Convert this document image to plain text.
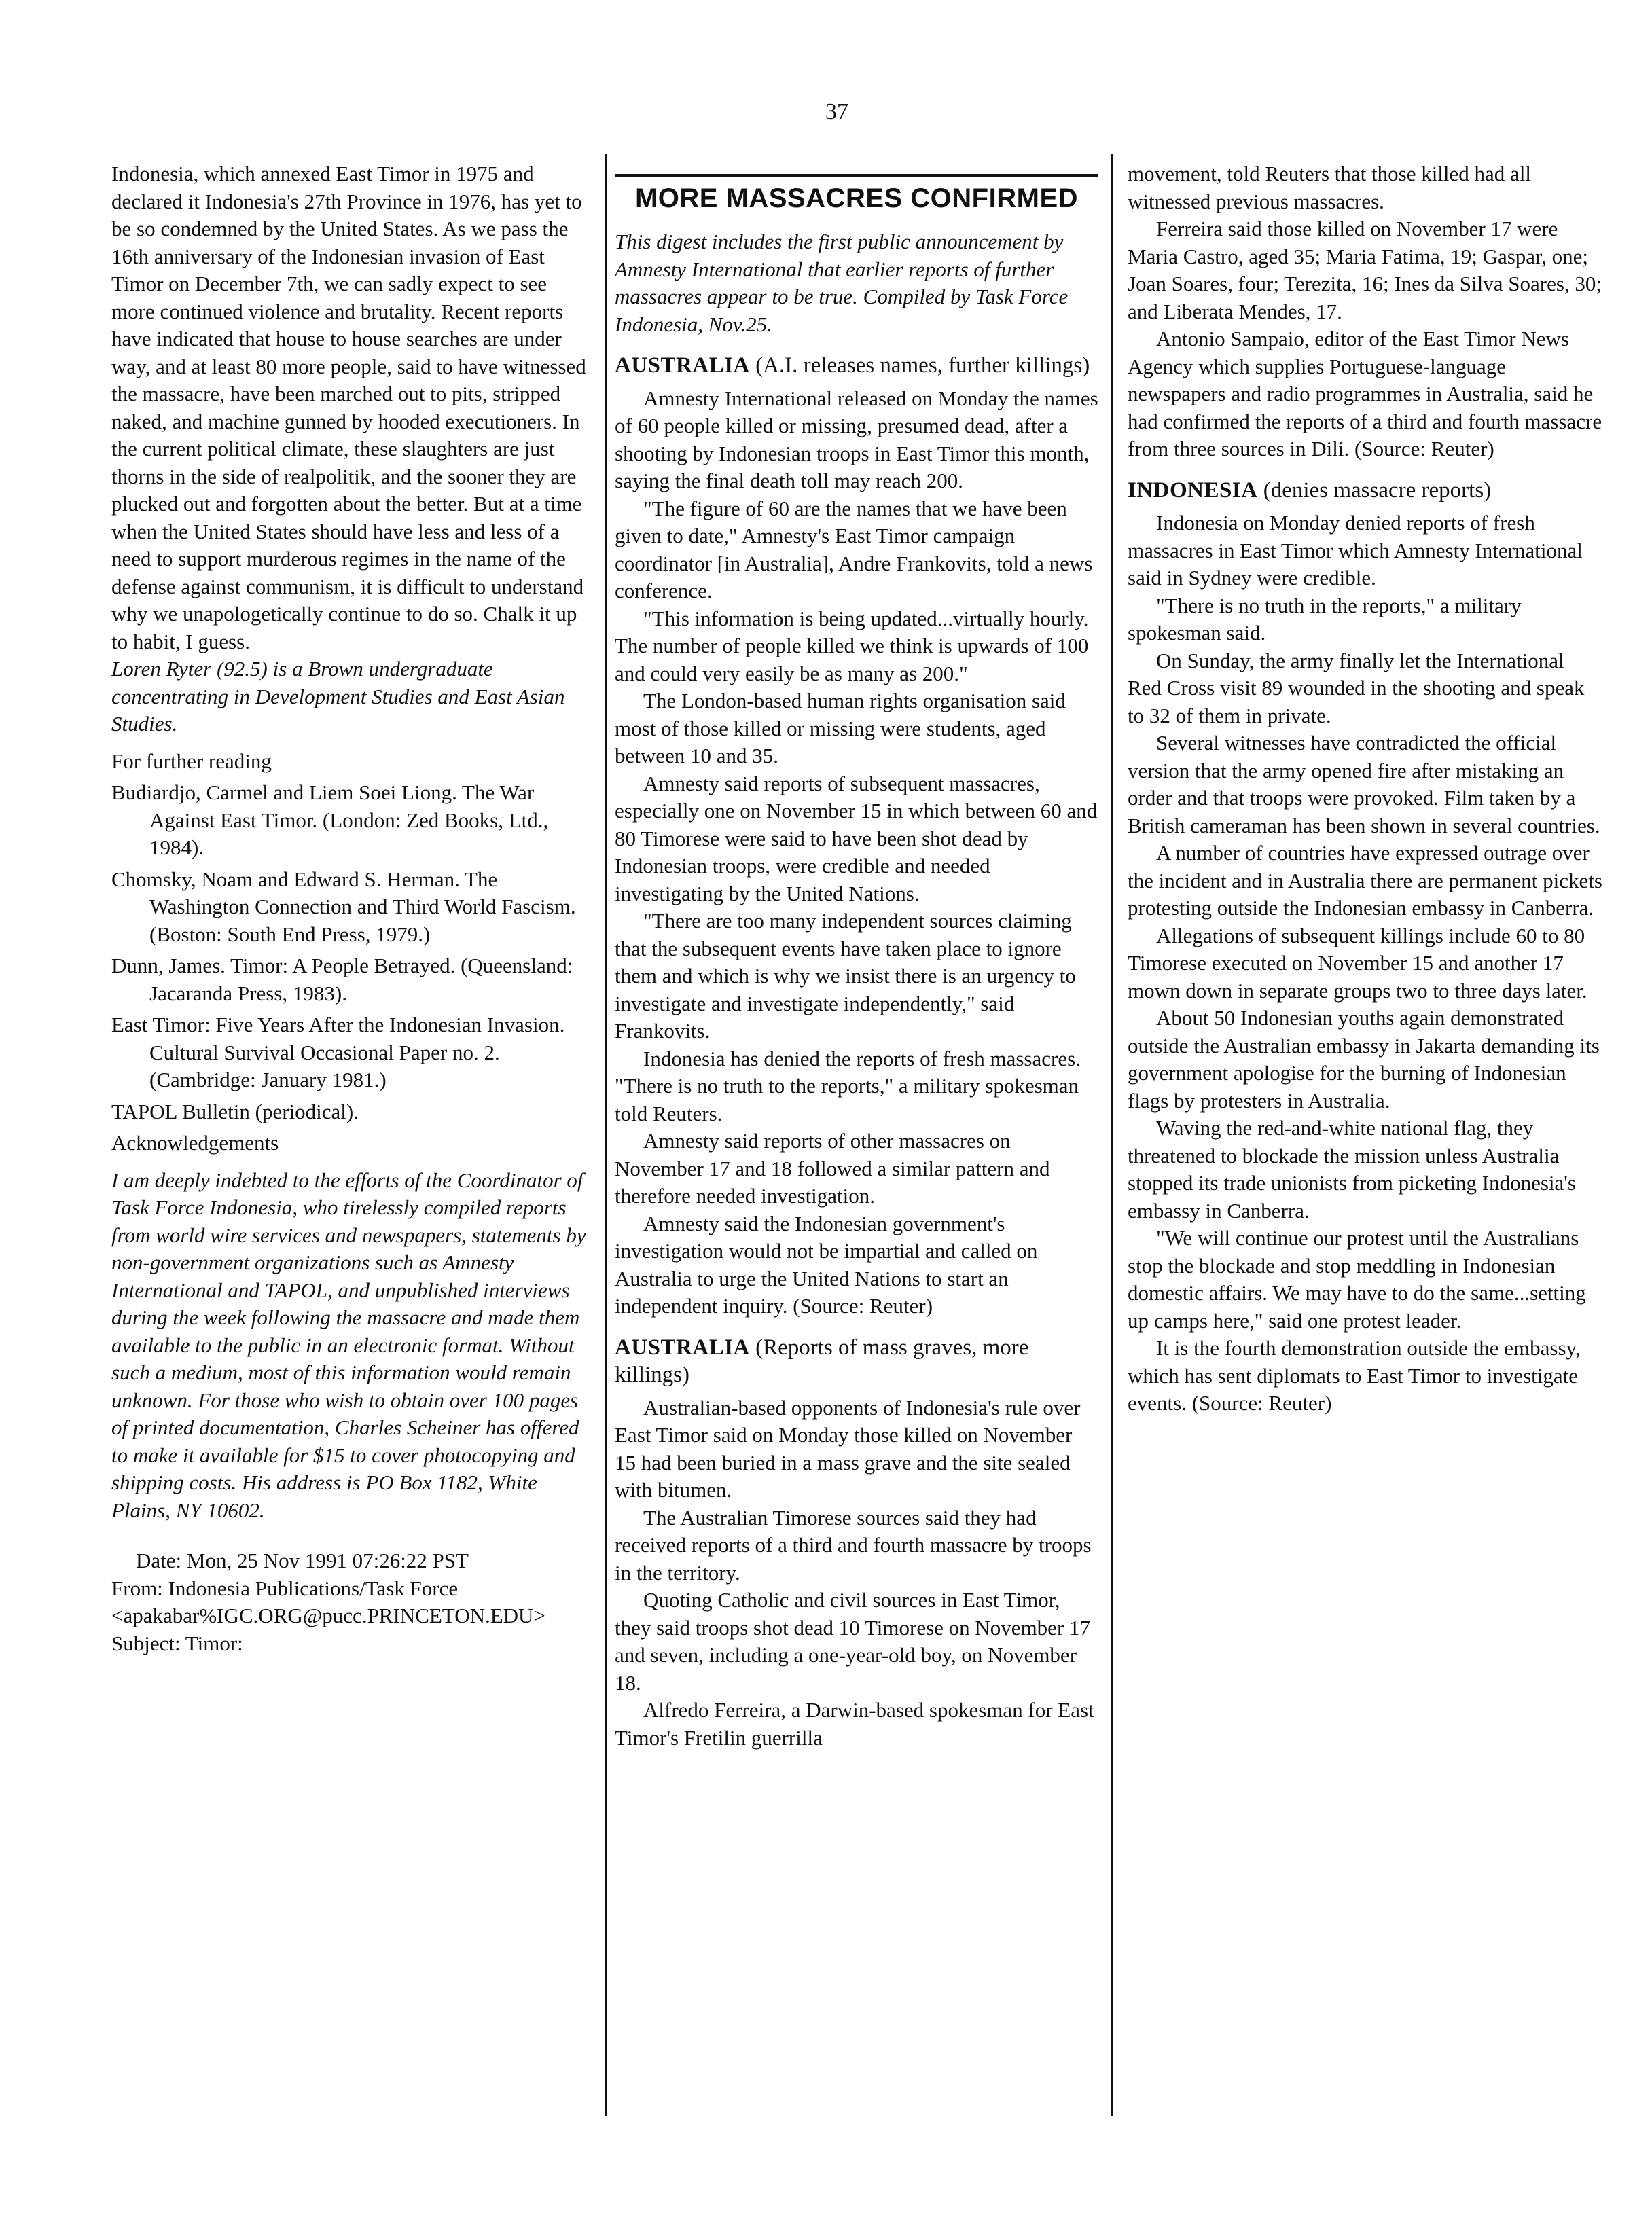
37

Indonesia, which annexed East Timor in 1975 and declared it Indonesia's 27th Province in 1976, has yet to be so condemned by the United States. As we pass the 16th anniversary of the Indonesian invasion of East Timor on December 7th, we can sadly expect to see more continued violence and brutality. Recent reports have indicated that house to house searches are under way, and at least 80 more people, said to have witnessed the massacre, have been marched out to pits, stripped naked, and machine gunned by hooded executioners. In the current political climate, these slaughters are just thorns in the side of realpolitik, and the sooner they are plucked out and forgotten about the better. But at a time when the United States should have less and less of a need to support murderous regimes in the name of the defense against communism, it is difficult to understand why we unapologetically continue to do so. Chalk it up to habit, I guess.

Loren Ryter (92.5) is a Brown undergraduate concentrating in Development Studies and East Asian Studies.

For further reading

Budiardjo, Carmel and Liem Soei Liong. The War Against East Timor. (London: Zed Books, Ltd., 1984).

Chomsky, Noam and Edward S. Herman. The Washington Connection and Third World Fascism. (Boston: South End Press, 1979.)

Dunn, James. Timor: A People Betrayed. (Queensland: Jacaranda Press, 1983).

East Timor: Five Years After the Indonesian Invasion. Cultural Survival Occasional Paper no. 2. (Cambridge: January 1981.)

TAPOL Bulletin (periodical).

Acknowledgements

I am deeply indebted to the efforts of the Coordinator of Task Force Indonesia, who tirelessly compiled reports from world wire services and newspapers, statements by non-government organizations such as Amnesty International and TAPOL, and unpublished interviews during the week following the massacre and made them available to the public in an electronic format. Without such a medium, most of this information would remain unknown. For those who wish to obtain over 100 pages of printed documentation, Charles Scheiner has offered to make it available for $15 to cover photocopying and shipping costs. His address is PO Box 1182, White Plains, NY 10602.

Date: Mon, 25 Nov 1991 07:26:22 PST

From: Indonesia Publications/Task Force <apakabar%IGC.ORG@pucc.PRINCETON.EDU> Subject: Timor:

MORE MASSACRES CONFIRMED

This digest includes the first public announcement by Amnesty International that earlier reports of further massacres appear to be true. Compiled by Task Force Indonesia, Nov.25.

AUSTRALIA (A.I. releases names, further killings)

Amnesty International released on Monday the names of 60 people killed or missing, presumed dead, after a shooting by Indonesian troops in East Timor this month, saying the final death toll may reach 200.

"The figure of 60 are the names that we have been given to date," Amnesty's East Timor campaign coordinator [in Australia], Andre Frankovits, told a news conference.

"This information is being updated...virtually hourly. The number of people killed we think is upwards of 100 and could very easily be as many as 200."

The London-based human rights organisation said most of those killed or missing were students, aged between 10 and 35.

Amnesty said reports of subsequent massacres, especially one on November 15 in which between 60 and 80 Timorese were said to have been shot dead by Indonesian troops, were credible and needed investigating by the United Nations.

"There are too many independent sources claiming that the subsequent events have taken place to ignore them and which is why we insist there is an urgency to investigate and investigate independently," said Frankovits.

Indonesia has denied the reports of fresh massacres. "There is no truth to the reports," a military spokesman told Reuters.

Amnesty said reports of other massacres on November 17 and 18 followed a similar pattern and therefore needed investigation.

Amnesty said the Indonesian government's investigation would not be impartial and called on Australia to urge the United Nations to start an independent inquiry. (Source: Reuter)

AUSTRALIA (Reports of mass graves, more killings)

Australian-based opponents of Indonesia's rule over East Timor said on Monday those killed on November 15 had been buried in a mass grave and the site sealed with bitumen.

The Australian Timorese sources said they had received reports of a third and fourth massacre by troops in the territory.

Quoting Catholic and civil sources in East Timor, they said troops shot dead 10 Timorese on November 17 and seven, including a one-year-old boy, on November 18.

Alfredo Ferreira, a Darwin-based spokesman for East Timor's Fretilin guerrilla

movement, told Reuters that those killed had all witnessed previous massacres.

Ferreira said those killed on November 17 were Maria Castro, aged 35; Maria Fatima, 19; Gaspar, one; Joan Soares, four; Terezita, 16; Ines da Silva Soares, 30; and Liberata Mendes, 17.

Antonio Sampaio, editor of the East Timor News Agency which supplies Portuguese-language newspapers and radio programmes in Australia, said he had confirmed the reports of a third and fourth massacre from three sources in Dili. (Source: Reuter)

INDONESIA (denies massacre reports)

Indonesia on Monday denied reports of fresh massacres in East Timor which Amnesty International said in Sydney were credible.

"There is no truth in the reports," a military spokesman said.

On Sunday, the army finally let the International Red Cross visit 89 wounded in the shooting and speak to 32 of them in private.

Several witnesses have contradicted the official version that the army opened fire after mistaking an order and that troops were provoked. Film taken by a British cameraman has been shown in several countries.

A number of countries have expressed outrage over the incident and in Australia there are permanent pickets protesting outside the Indonesian embassy in Canberra.

Allegations of subsequent killings include 60 to 80 Timorese executed on November 15 and another 17 mown down in separate groups two to three days later.

About 50 Indonesian youths again demonstrated outside the Australian embassy in Jakarta demanding its government apologise for the burning of Indonesian flags by protesters in Australia.

Waving the red-and-white national flag, they threatened to blockade the mission unless Australia stopped its trade unionists from picketing Indonesia's embassy in Canberra.

"We will continue our protest until the Australians stop the blockade and stop meddling in Indonesian domestic affairs. We may have to do the same...setting up camps here," said one protest leader.

It is the fourth demonstration outside the embassy, which has sent diplomats to East Timor to investigate events. (Source: Reuter)
